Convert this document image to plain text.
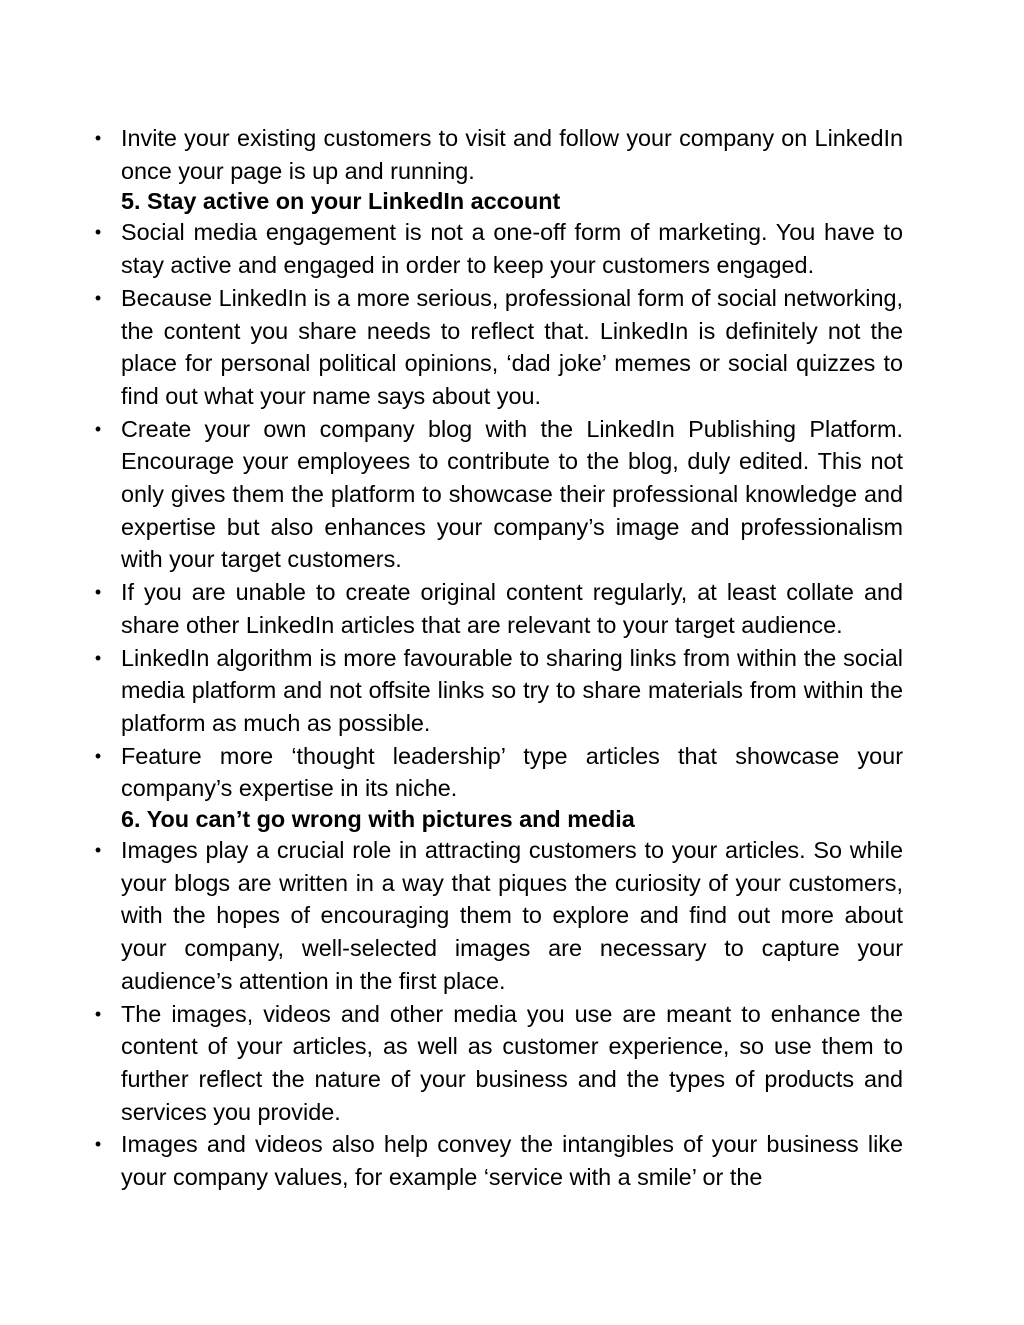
• Invite your existing customers to visit and follow your company on LinkedIn once your page is up and running.
5. Stay active on your LinkedIn account
• Social media engagement is not a one-off form of marketing. You have to stay active and engaged in order to keep your customers engaged.
• Because LinkedIn is a more serious, professional form of social networking, the content you share needs to reflect that. LinkedIn is definitely not the place for personal political opinions, ‘dad joke’ memes or social quizzes to find out what your name says about you.
• Create your own company blog with the LinkedIn Publishing Platform. Encourage your employees to contribute to the blog, duly edited. This not only gives them the platform to showcase their professional knowledge and expertise but also enhances your company’s image and professionalism with your target customers.
• If you are unable to create original content regularly, at least collate and share other LinkedIn articles that are relevant to your target audience.
• LinkedIn algorithm is more favourable to sharing links from within the social media platform and not offsite links so try to share materials from within the platform as much as possible.
• Feature more ‘thought leadership’ type articles that showcase your company’s expertise in its niche.
6. You can’t go wrong with pictures and media
• Images play a crucial role in attracting customers to your articles. So while your blogs are written in a way that piques the curiosity of your customers, with the hopes of encouraging them to explore and find out more about your company, well-selected images are necessary to capture your audience’s attention in the first place.
• The images, videos and other media you use are meant to enhance the content of your articles, as well as customer experience, so use them to further reflect the nature of your business and the types of products and services you provide.
• Images and videos also help convey the intangibles of your business like your company values, for example ‘service with a smile’ or the
